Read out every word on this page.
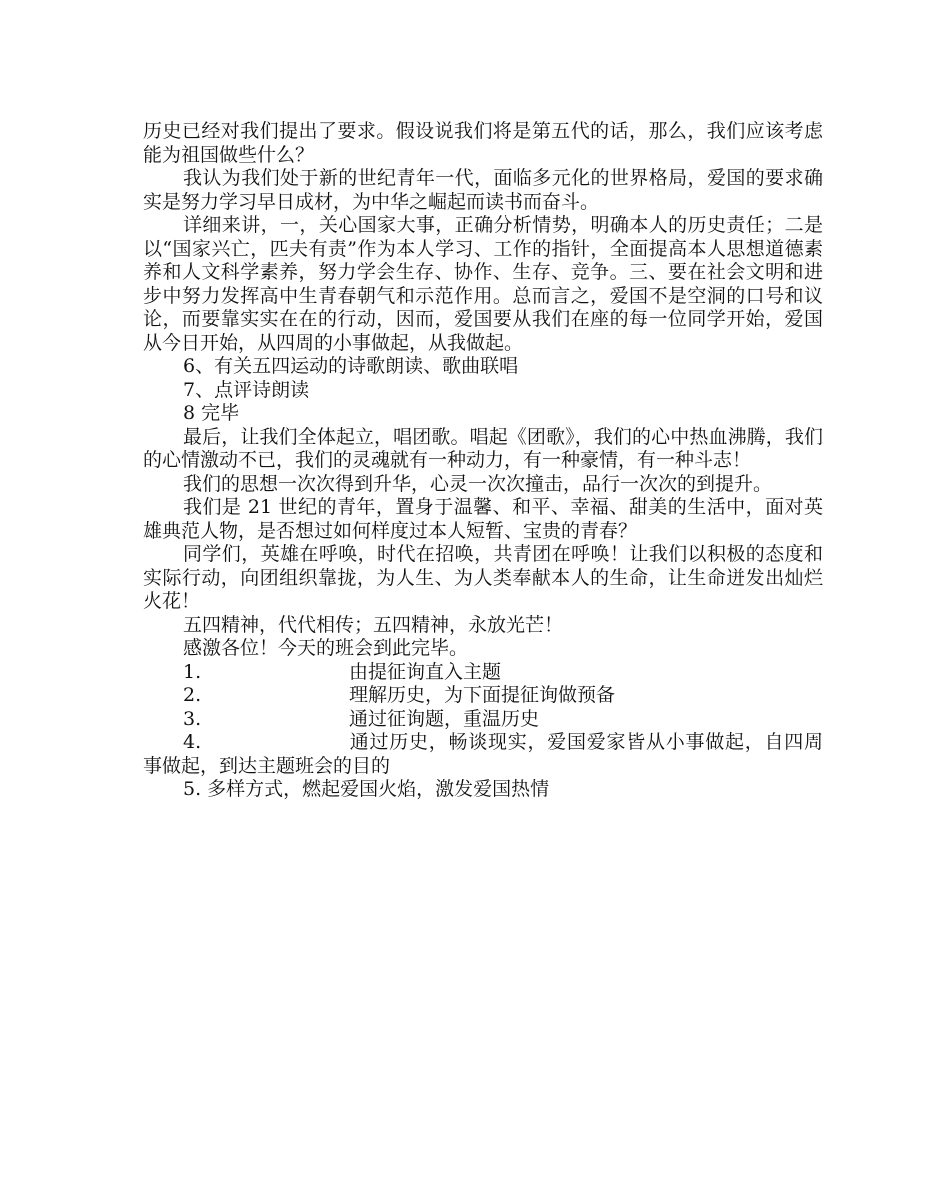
历史已经对我们提出了要求。假设说我们将是第五代的话，那么，我们应该考虑能为祖国做些什么？

我认为我们处于新的世纪青年一代，面临多元化的世界格局，爱国的要求确实是努力学习早日成材，为中华之崛起而读书而奋斗。

详细来讲，一，关心国家大事，正确分析情势，明确本人的历史责任；二是以“国家兴亡，匹夫有责”作为本人学习、工作的指针，全面提高本人思想道德素养和人文科学素养，努力学会生存、协作、生存、竞争。三、要在社会文明和进步中努力发挥高中生青春朝气和示范作用。总而言之，爱国不是空洞的口号和议论，而要靠实实在在的行动，因而，爱国要从我们在座的每一位同学开始，爱国从今日开始，从四周的小事做起，从我做起。

6、有关五四运动的诗歌朗读、歌曲联唱

7、点评诗朗读

8 完毕

最后，让我们全体起立，唱团歌。唱起《团歌》，我们的心中热血沸腾，我们的心情激动不已，我们的灵魂就有一种动力，有一种豪情，有一种斗志！

我们的思想一次次得到升华，心灵一次次撞击，品行一次次的到提升。

我们是 21 世纪的青年，置身于温馨、和平、幸福、甜美的生活中，面对英雄典范人物，是否想过如何样度过本人短暂、宝贵的青春？

同学们，英雄在呼唤，时代在招唤，共青团在呼唤！让我们以积极的态度和实际行动，向团组织靠拢，为人生、为人类奉献本人的生命，让生命迸发出灿烂火花！

五四精神，代代相传；五四精神，永放光芒！

感激各位！今天的班会到此完毕。

1.	由提征询直入主题

2.	理解历史，为下面提征询做预备

3.	通过征询题，重温历史

4.	通过历史，畅谈现实，爱国爱家皆从小事做起，自四周事做起，到达主题班会的目的

5. 多样方式，燃起爱国火焰，激发爱国热情
